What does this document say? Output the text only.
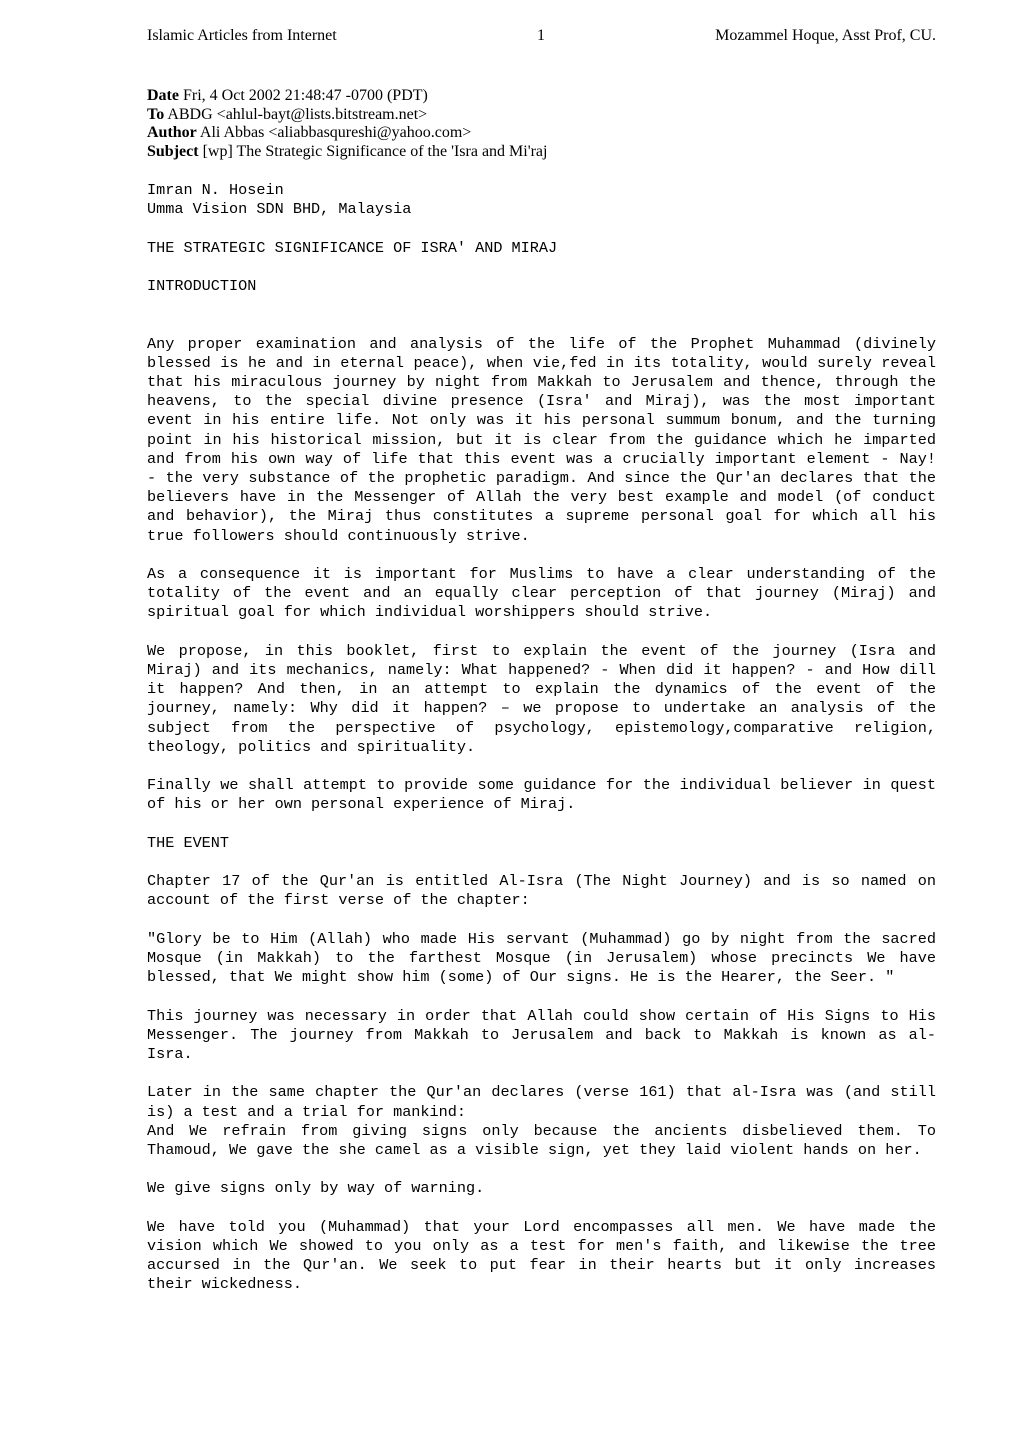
Islamic Articles from Internet	1	Mozammel Hoque, Asst Prof, CU.
Date Fri, 4 Oct 2002 21:48:47 -0700 (PDT)
To ABDG <ahlul-bayt@lists.bitstream.net>
Author Ali Abbas <aliabbasqureshi@yahoo.com>
Subject [wp] The Strategic Significance of the 'Isra and Mi'raj

Imran N. Hosein

Umma Vision SDN BHD, Malaysia

THE STRATEGIC SIGNIFICANCE OF ISRA' AND MIRAJ

INTRODUCTION

Any proper examination and analysis of the life of the Prophet Muhammad (divinely blessed is he and in eternal peace), when vie,fed in its totality, would surely reveal that his miraculous journey by night from Makkah to Jerusalem and thence, through the heavens, to the special divine presence (Isra' and Miraj), was the most important event in his entire life. Not only was it his personal summum bonum, and the turning point in his historical mission, but it is clear from the guidance which he imparted and from his own way of life that this event was a crucially important element - Nay! - the very substance of the prophetic paradigm. And since the Qur'an declares that the believers have in the Messenger of Allah the very best example and model (of conduct and behavior), the Miraj thus constitutes a supreme personal goal for which all his true followers should continuously strive.

As a consequence it is important for Muslims to have a clear understanding of the totality of the event and an equally clear perception of that journey (Miraj) and spiritual goal for which individual worshippers should strive.

We propose, in this booklet, first to explain the event of the journey (Isra and Miraj) and its mechanics, namely: What happened? - When did it happen? - and How dill it happen? And then, in an attempt to explain the dynamics of the event of the journey, namely: Why did it happen? – we propose to undertake an analysis of the subject from the perspective of psychology, epistemology,comparative religion, theology, politics and spirituality.

Finally we shall attempt to provide some guidance for the individual believer in quest of his or her own personal experience of Miraj.

THE EVENT

Chapter 17 of the Qur'an is entitled Al-Isra (The Night Journey) and is so named on account of the first verse of the chapter:

"Glory be to Him (Allah) who made His servant (Muhammad) go by night from the sacred Mosque (in Makkah) to the farthest Mosque (in Jerusalem) whose precincts We have blessed, that We might show him (some) of Our signs. He is the Hearer, the Seer. "

This journey was necessary in order that Allah could show certain of His Signs to His Messenger. The journey from Makkah to Jerusalem and back to Makkah is known as al-Isra.

Later in the same chapter the Qur'an declares (verse 161) that al-Isra was (and still is) a test and a trial for mankind:

And We refrain from giving signs only because the ancients disbelieved them. To Thamoud, We gave the she camel as a visible sign, yet they laid violent hands on her.

We give signs only by way of warning.

We have told you (Muhammad) that your Lord encompasses all men. We have made the vision which We showed to you only as a test for men's faith, and likewise the tree accursed in the Qur'an. We seek to put fear in their hearts but it only increases their wickedness.
